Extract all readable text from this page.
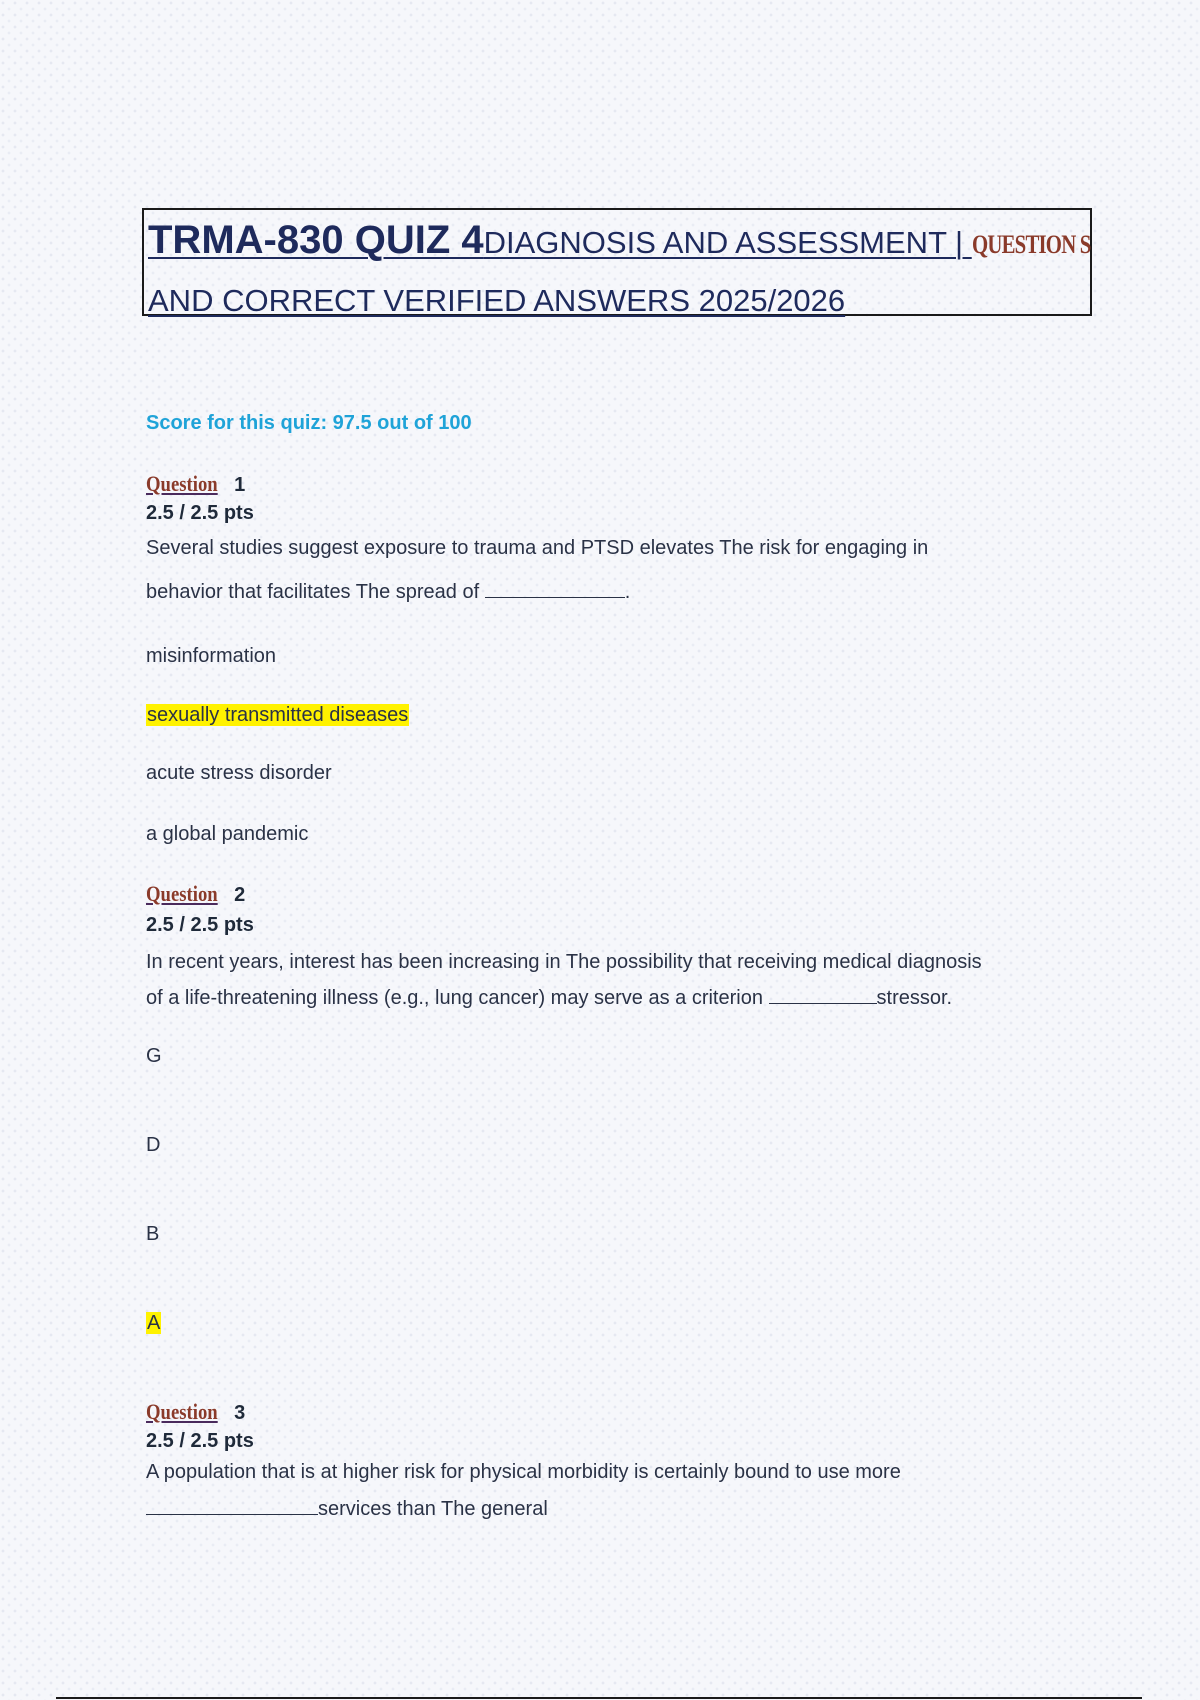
TRMA-830 QUIZ 4DIAGNOSIS AND ASSESSMENT | QUESTION S

AND CORRECT VERIFIED ANSWERS 2025/2026

Score for this quiz: 97.5 out of 100
Question 1
2.5 / 2.5 pts
Several studies suggest exposure to trauma and PTSD elevates The risk for engaging in
behavior that facilitates The spread of	.
misinformation
sexually transmitted diseases
acute stress disorder
a global pandemic
Question 2
2.5 / 2.5 pts
In recent years, interest has been increasing in The possibility that receiving medical diagnosis
of a life-threatening illness (e.g., lung cancer) may serve as a criterion	stressor.
G
D
B
A
Question 3
2.5 / 2.5 pts
A population that is at higher risk for physical morbidity is certainly bound to use more
services than The general
